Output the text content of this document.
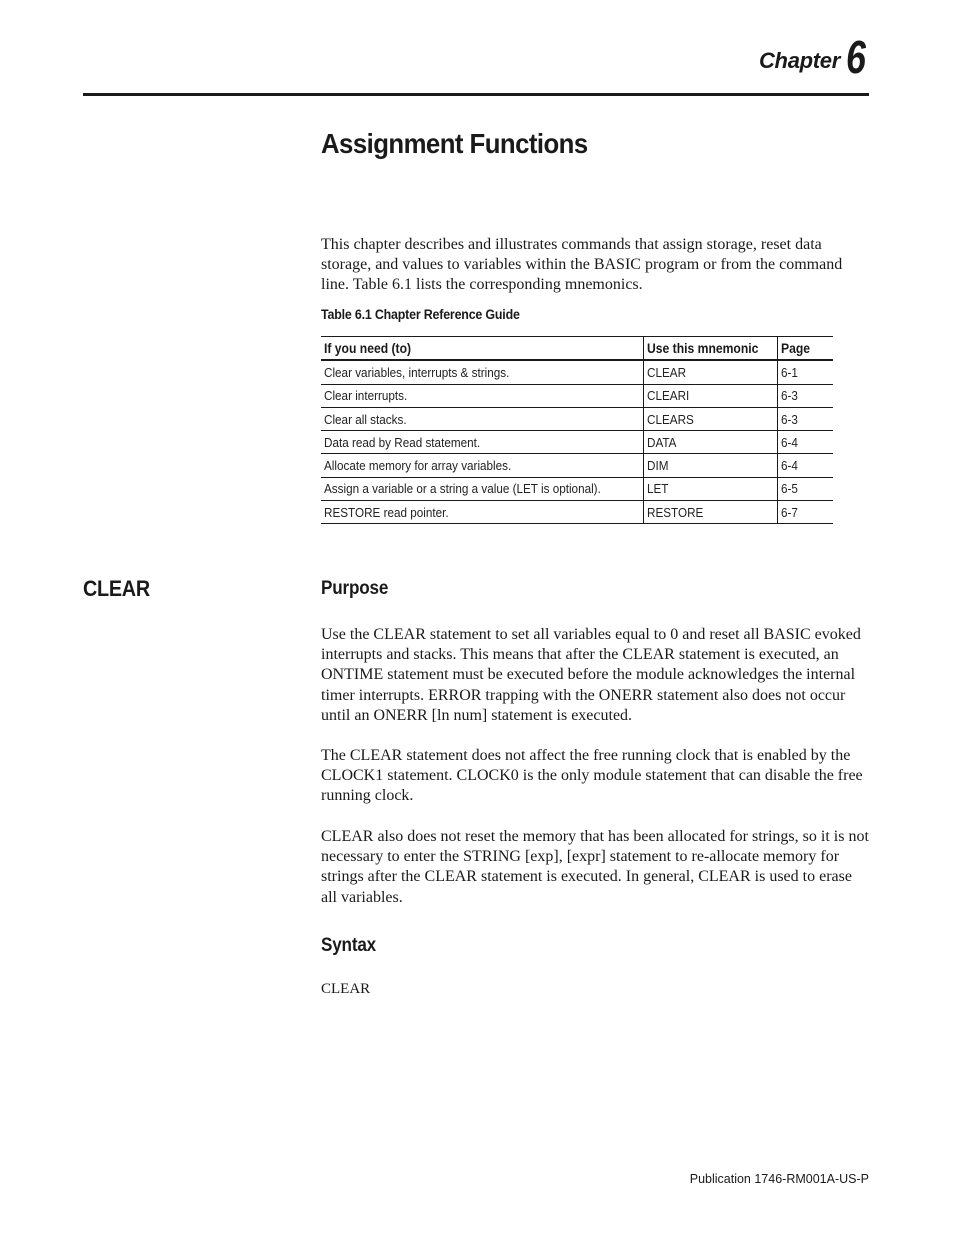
Chapter 6
Assignment Functions
This chapter describes and illustrates commands that assign storage, reset data storage, and values to variables within the BASIC program or from the command line. Table 6.1 lists the corresponding mnemonics.
Table 6.1 Chapter Reference Guide
If you need (to)	Use this mnemonic	Page
Clear variables, interrupts & strings.	CLEAR	6-1
Clear interrupts.	CLEARI	6-3
Clear all stacks.	CLEARS	6-3
Data read by Read statement.	DATA	6-4
Allocate memory for array variables.	DIM	6-4
Assign a variable or a string a value (LET is optional).	LET	6-5
RESTORE read pointer.	RESTORE	6-7
CLEAR	Purpose
Use the CLEAR statement to set all variables equal to 0 and reset all BASIC evoked interrupts and stacks. This means that after the CLEAR statement is executed, an ONTIME statement must be executed before the module acknowledges the internal timer interrupts. ERROR trapping with the ONERR statement also does not occur until an ONERR [ln num] statement is executed.
The CLEAR statement does not affect the free running clock that is enabled by the CLOCK1 statement. CLOCK0 is the only module statement that can disable the free running clock.
CLEAR also does not reset the memory that has been allocated for strings, so it is not necessary to enter the STRING [exp], [expr] statement to re-allocate memory for strings after the CLEAR statement is executed. In general, CLEAR is used to erase all variables.
Syntax
CLEAR
Publication 1746-RM001A-US-P
